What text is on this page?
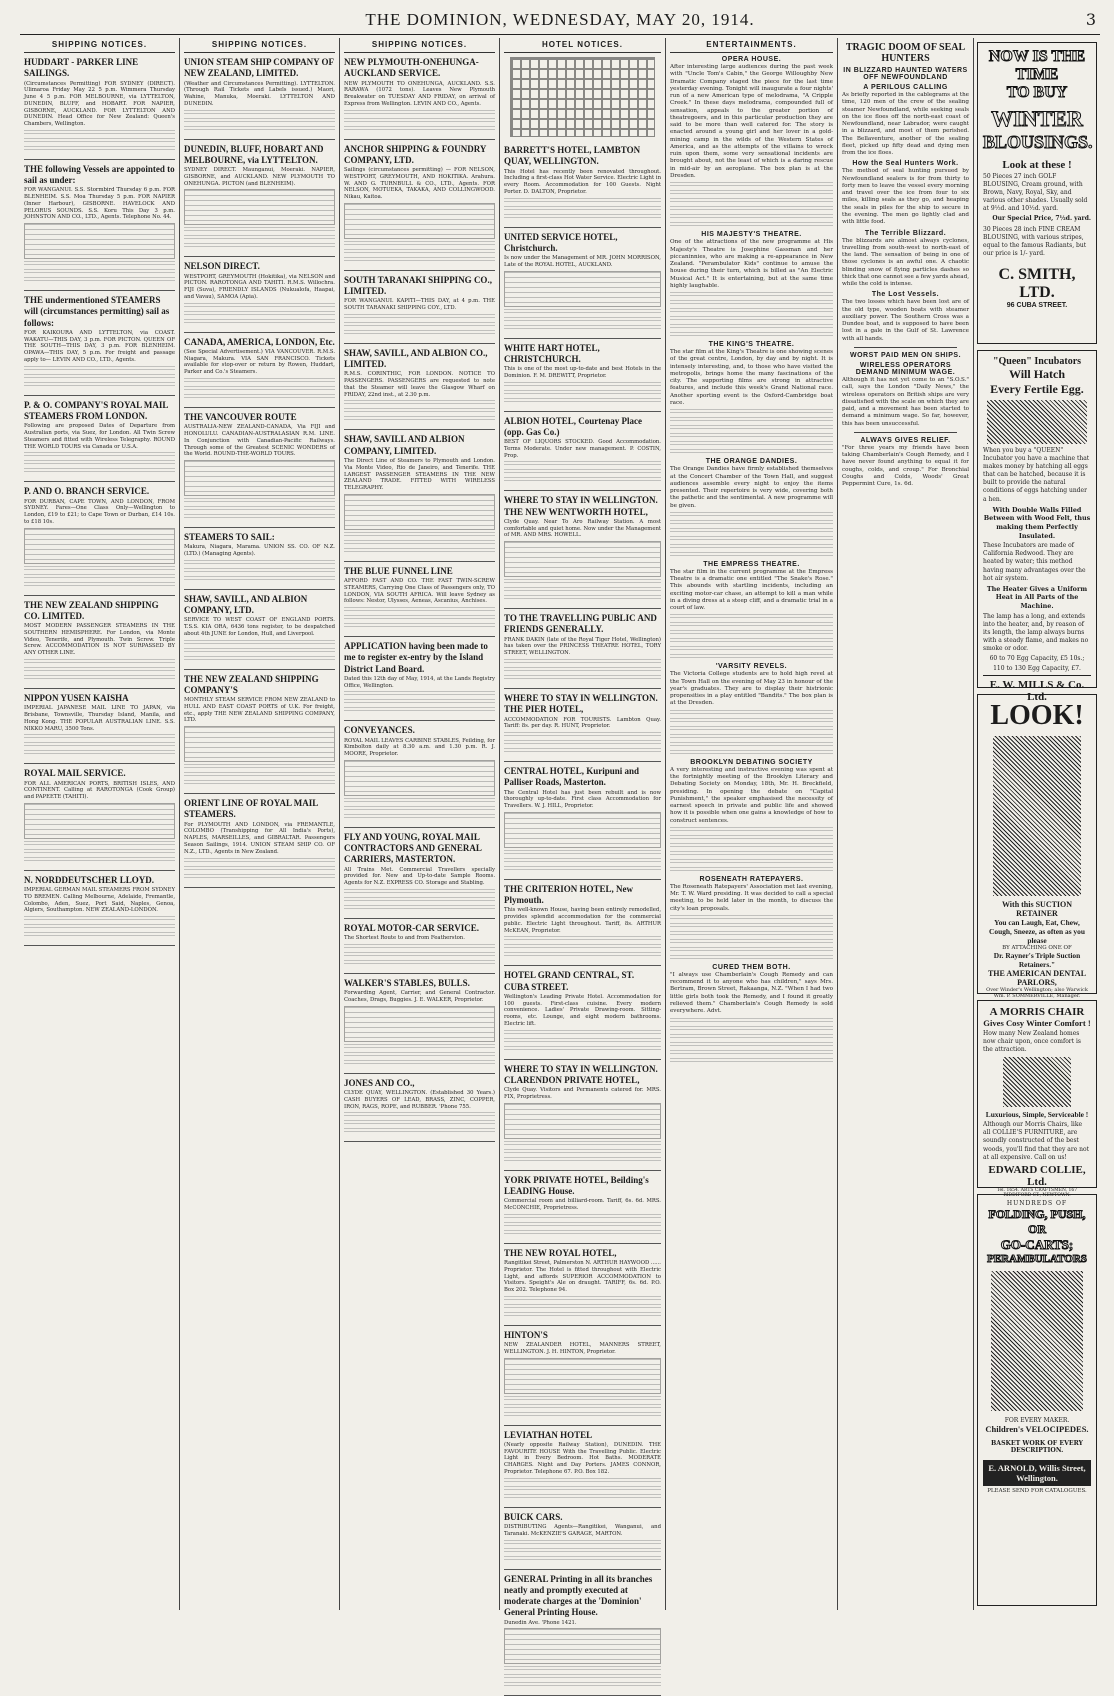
THE DOMINION, WEDNESDAY, MAY 20, 1914.	3
SHIPPING NOTICES.
HUDDART - PARKER LINE SAILINGS.

(Circumstances Permitting) FOR SYDNEY (DIRECT). Ulimaroa Friday May 22 5 p.m. Wimmera Thursday June 4 5 p.m. FOR MELBOURNE, via LYTTELTON, DUNEDIN, BLUFF, and HOBART. FOR NAPIER, GISBORNE, AUCKLAND. FOR LYTTELTON AND DUNEDIN. Head Office for New Zealand: Queen's Chambers, Wellington.

THE following Vessels are appointed to sail as under:

FOR WANGANUI. S.S. Stormbird Thursday 6 p.m. FOR BLENHEIM. S.S. Moa Thursday 5 p.m. FOR NAPIER (Inner Harbour), GISBORNE. HAVELOCK AND PELORUS SOUNDS. S.S. Koru This Day 3 p.m. JOHNSTON AND CO., LTD., Agents. Telephone No. 44.

THE undermentioned STEAMERS will (circumstances permitting) sail as follows:

FOR KAIKOURA AND LYTTELTON, via COAST. WAKATU—THIS DAY, 3 p.m. FOR PICTON. QUEEN OF THE SOUTH—THIS DAY, 3 p.m. FOR BLENHEIM. OPAWA—THIS DAY, 5 p.m. For freight and passage apply to— LEVIN AND CO., LTD., Agents.

P. & O. COMPANY'S ROYAL MAIL STEAMERS FROM LONDON.

Following are proposed Dates of Departure from Australian ports, via Suez, for London. All Twin Screw Steamers and fitted with Wireless Telegraphy. ROUND THE WORLD TOURS via Canada or U.S.A.

P. AND O. BRANCH SERVICE.

FOR DURBAN, CAPE TOWN, AND LONDON, FROM SYDNEY. Fares—One Class Only—Wellington to London, £19 to £21; to Cape Town or Durban, £14 10s. to £18 10s.

THE NEW ZEALAND SHIPPING CO. LIMITED.

MOST MODERN PASSENGER STEAMERS IN THE SOUTHERN HEMISPHERE. For London, via Monte Video, Tenerife, and Plymouth. Twin Screw. Triple Screw. ACCOMMODATION IS NOT SURPASSED BY ANY OTHER LINE.

NIPPON YUSEN KAISHA

IMPERIAL JAPANESE MAIL LINE TO JAPAN, via Brisbane, Townsville, Thursday Island, Manila, and Hong Kong. THE POPULAR AUSTRALIAN LINE. S.S. NIKKO MARU, 3500 Tons.

ROYAL MAIL SERVICE.

FOR ALL AMERICAN PORTS, BRITISH ISLES, AND CONTINENT. Calling at RAROTONGA (Cook Group) and PAPEETE (TAHITI).

N. NORDDEUTSCHER LLOYD.

IMPERIAL GERMAN MAIL STEAMERS FROM SYDNEY TO BREMEN. Calling Melbourne, Adelaide, Fremantle, Colombo, Aden, Suez, Port Said, Naples, Genoa, Algiers, Southampton. NEW ZEALAND-LONDON.

SHIPPING NOTICES.
UNION STEAM SHIP COMPANY OF NEW ZEALAND, LIMITED.

(Weather and Circumstances Permitting). LYTTELTON. (Through Rail Tickets and Labels issued.) Maori, Wahine, Manuka, Moeraki. LYTTELTON AND DUNEDIN.

DUNEDIN, BLUFF, HOBART AND MELBOURNE, via LYTTELTON.

SYDNEY DIRECT. Maunganui, Moeraki. NAPIER, GISBORNE, and AUCKLAND. NEW PLYMOUTH TO ONEHUNGA. PICTON (and BLENHEIM).

NELSON DIRECT.

WESTPORT, GREYMOUTH (Hokitika), via NELSON and PICTON. RAROTONGA AND TAHITI. R.M.S. Willochra. FIJI (Suva), FRIENDLY ISLANDS (Nukualofa, Haapai, and Vavau), SAMOA (Apia).

CANADA, AMERICA, LONDON, Etc.

(See Special Advertisement.) VIA VANCOUVER. R.M.S. Niagara, Makura. VIA SAN FRANCISCO. Tickets available for stop-over or return by Rowen, Huddart, Parker and Co.'s Steamers.

THE VANCOUVER ROUTE

AUSTRALIA-NEW ZEALAND-CANADA, Via FIJI and HONOLULU. CANADIAN-AUSTRALASIAN R.M. LINE. In Conjunction with Canadian-Pacific Railways. Through some of the Greatest SCENIC WONDERS of the World. ROUND-THE-WORLD TOURS.

STEAMERS TO SAIL:

Makura, Niagara, Marama. UNION SS. CO. OF N.Z. (LTD.) (Managing Agents).

SHAW, SAVILL, AND ALBION COMPANY, LTD.

SERVICE TO WEST COAST OF ENGLAND PORTS. T.S.S. KIA ORA, 6436 tons register, to be despatched about 4th JUNE for London, Hull, and Liverpool.

THE NEW ZEALAND SHIPPING COMPANY'S

MONTHLY STEAM SERVICE FROM NEW ZEALAND to HULL AND EAST COAST PORTS of U.K. For freight, etc., apply THE NEW ZEALAND SHIPPING COMPANY, LTD.

ORIENT LINE OF ROYAL MAIL STEAMERS.

For PLYMOUTH AND LONDON, via FREMANTLE, COLOMBO (Transhipping for All India's Ports), NAPLES, MARSEILLES, and GIBRALTAR. Passengers Season Sailings, 1914. UNION STEAM SHIP CO. OF N.Z., LTD., Agents in New Zealand.

SHIPPING NOTICES.
NEW PLYMOUTH-ONEHUNGA-AUCKLAND SERVICE.

NEW PLYMOUTH TO ONEHUNGA, AUCKLAND. S.S. RARAWA (1072 tons). Leaves New Plymouth Breakwater on TUESDAY AND FRIDAY, on arrival of Express from Wellington. LEVIN AND CO., Agents.

ANCHOR SHIPPING & FOUNDRY COMPANY, LTD.

Sailings (circumstances permitting) — FOR NELSON, WESTPORT, GREYMOUTH, AND HOKITIKA. Arahura. W. AND G. TURNBULL & CO., LTD., Agents. FOR NELSON, MOTUEKA, TAKAKA, AND COLLINGWOOD. Nikau, Kaitoa.

SOUTH TARANAKI SHIPPING CO., LIMITED.

FOR WANGANUI. KAPITI—THIS DAY, at 4 p.m. THE SOUTH TARANAKI SHIPPING COY., LTD.

SHAW, SAVILL, AND ALBION CO., LIMITED.

R.M.S. CORINTHIC, FOR LONDON. NOTICE TO PASSENGERS. PASSENGERS are requested to note that the Steamer will leave the Glasgow Wharf on FRIDAY, 22nd inst., at 2.30 p.m.

SHAW, SAVILL AND ALBION COMPANY, LIMITED.

The Direct Line of Steamers to Plymouth and London. Via Monte Video, Rio de Janeiro, and Tenerife. THE LARGEST PASSENGER STEAMERS IN THE NEW ZEALAND TRADE. FITTED WITH WIRELESS TELEGRAPHY.

THE BLUE FUNNEL LINE

AFFORD FAST AND CO. THE FAST TWIN-SCREW STEAMERS, Carrying One Class of Passengers only, TO LONDON, VIA SOUTH AFRICA. Will leave Sydney as follows: Nestor, Ulysses, Aeneas, Ascanius, Anchises.

APPLICATION having been made to me to register ex-entry by the Island District Land Board.

Dated this 12th day of May, 1914, at the Lands Registry Office, Wellington.

CONVEYANCES.

ROYAL MAIL LEAVES CARBINE STABLES, Feilding, for Kimbolton daily at 8.30 a.m. and 1.30 p.m. R. J. MOORE, Proprietor.

FLY AND YOUNG, ROYAL MAIL CONTRACTORS AND GENERAL CARRIERS, MASTERTON.

All Trains Met. Commercial Travellers specially provided for. New and Up-to-date Sample Rooms. Agents for N.Z. EXPRESS CO. Storage and Stabling.

ROYAL MOTOR-CAR SERVICE.

The Shortest Route to and from Featherston.

WALKER'S STABLES, BULLS.

Forwarding Agent, Carrier, and General Contractor. Coaches, Drags, Buggies. J. E. WALKER, Proprietor.

JONES AND CO.,

CLYDE QUAY, WELLINGTON. (Established 30 Years.) CASH BUYERS OF LEAD, BRASS, ZINC, COPPER, IRON, RAGS, ROPE, and RUBBER. 'Phone 755.

HOTEL NOTICES.
BARRETT'S HOTEL, LAMBTON QUAY, WELLINGTON.

This Hotel has recently been renovated throughout. Including a first-class Hot Water Service. Electric Light in every Room. Accommodation for 100 Guests. Night Porter. D. DALTON, Proprietor.

UNITED SERVICE HOTEL, Christchurch.

Is now under the Management of MR. JOHN MORRISON, Late of the ROYAL HOTEL, AUCKLAND.

WHITE HART HOTEL, CHRISTCHURCH.

This is one of the most up-to-date and best Hotels in the Dominion. F. M. DREWITT, Proprietor.

ALBION HOTEL, Courtenay Place (opp. Gas Co.)

BEST OF LIQUORS STOCKED. Good Accommodation. Terms Moderate. Under new management. P. COSTIN, Prop.

WHERE TO STAY IN WELLINGTON. THE NEW WENTWORTH HOTEL,

Clyde Quay. Near To Aro Railway Station. A most comfortable and quiet home. Now under the Management of MR. AND MRS. HOWELL.

TO THE TRAVELLING PUBLIC AND FRIENDS GENERALLY.

FRANK DAKIN (late of the Royal Tiger Hotel, Wellington) has taken over the PRINCESS THEATRE HOTEL, TORY STREET, WELLINGTON.

WHERE TO STAY IN WELLINGTON. THE PIER HOTEL,

ACCOMMODATION FOR TOURISTS. Lambton Quay. Tariff: 8s. per day. R. HUNT, Proprietor.

CENTRAL HOTEL, Kuripuni and Palliser Roads, Masterton.

The Central Hotel has just been rebuilt and is now thoroughly up-to-date. First class Accommodation for Travellers. W. J. HILL, Proprietor.

THE CRITERION HOTEL, New Plymouth.

This well-known House, having been entirely remodelled, provides splendid accommodation for the commercial public. Electric Light throughout. Tariff, 8s. ARTHUR McKEAN, Proprietor.

HOTEL GRAND CENTRAL, ST. CUBA STREET.

Wellington's Leading Private Hotel. Accommodation for 100 guests. First-class cuisine. Every modern convenience. Ladies' Private Drawing-room. Sitting-rooms, etc. Lounge, and eight modern bathrooms. Electric lift.

WHERE TO STAY IN WELLINGTON. CLARENDON PRIVATE HOTEL,

Clyde Quay. Visitors and Permanents catered for. MRS. FIX, Proprietress.

YORK PRIVATE HOTEL, Beilding's LEADING House.

Commercial room and billiard-room. Tariff, 6s. 6d. MRS. McCONCHIE, Proprietress.

THE NEW ROYAL HOTEL,

Rangitikei Street, Palmerston N. ARTHUR HAYWOOD ...... Proprietor. The Hotel is fitted throughout with Electric Light, and affords SUPERIOR ACCOMMODATION to Visitors. Speight's Ale on draught. TARIFF, 6s. 6d. P.O. Box 202. Telephone 94.

HINTON'S

NEW ZEALANDER HOTEL, MANNERS STREET, WELLINGTON. J. H. HINTON, Proprietor.

LEVIATHAN HOTEL

(Nearly opposite Railway Station), DUNEDIN. THE FAVOURITE HOUSE With the Travelling Public. Electric Light in Every Bedroom. Hot Baths. MODERATE CHARGES. Night and Day Porters. JAMES CONNOR, Proprietor. Telephone 67. P.O. Box 182.

BUICK CARS.

DISTRIBUTING Agents—Rangitikei, Wanganui, and Taranaki. McKENZIE'S GARAGE, MARTON.

GENERAL Printing in all its branches neatly and promptly executed at moderate charges at the 'Dominion' General Printing House.

Dunedin Ave. 'Phone 1421.

ENTERTAINMENTS.
OPERA HOUSE.

After interesting large audiences during the past week with "Uncle Tom's Cabin," the George Willoughby New Dramatic Company staged the piece for the last time yesterday evening. Tonight will inaugurate a four nights' run of a new American type of melodrama, "A Cripple Creek." In these days melodrama, compounded full of sensation, appeals to the greater portion of theatregoers, and in this particular production they are said to be more than well catered for. The story is enacted around a young girl and her lover in a gold-mining camp in the wilds of the Western States of America, and as the attempts of the villains to wreck ruin upon them, some very sensational incidents are brought about, not the least of which is a daring rescue in mid-air by an aeroplane. The box plan is at the Dresden.

HIS MAJESTY'S THEATRE.

One of the attractions of the new programme at His Majesty's Theatre is Josephine Gassman and her piccaninnies, who are making a re-appearance in New Zealand. "Perambulator Kids" continue to amuse the house during their turn, which is billed as "An Electric Musical Act." It is entertaining, but at the same time highly laughable.

THE KING'S THEATRE.

The star film at the King's Theatre is one showing scenes of the great centre, London, by day and by night. It is intensely interesting, and, to those who have visited the metropolis, brings home the many fascinations of the city. The supporting films are strong in attractive features, and include this week's Grand National race. Another sporting event is the Oxford-Cambridge boat race.

THE ORANGE DANDIES.

The Orange Dandies have firmly established themselves at the Concert Chamber of the Town Hall, and suggest audiences assemble every night to enjoy the items presented. Their repertoire is very wide, covering both the pathetic and the sentimental. A new programme will be given.

THE EMPRESS THEATRE.

The star film in the current programme at the Empress Theatre is a dramatic one entitled "The Snake's Rose." This abounds with startling incidents, including an exciting motor-car chase, an attempt to kill a man while in a diving dress at a steep cliff, and a dramatic trial in a court of law.

'VARSITY REVELS.

The Victoria College students are to hold high revel at the Town Hall on the evening of May 23 in honour of the year's graduates. They are to display their histrionic propensities in a play entitled "Bandits." The box plan is at the Dresden.

BROOKLYN DEBATING SOCIETY

A very interesting and instructive evening was spent at the fortnightly meeting of the Brooklyn Literary and Debating Society on Monday, 18th, Mr. H. Breckfield, presiding. In opening the debate on "Capital Punishment," the speaker emphasised the necessity of earnest speech in private and public life and showed how it is possible when one gains a knowledge of how to construct sentences.

ROSENEATH RATEPAYERS.

The Roseneath Ratepayers' Association met last evening, Mr. T. W. Ward presiding. It was decided to call a special meeting, to be held later in the month, to discuss the city's loan proposals.

CURED THEM BOTH.

"I always use Chamberlain's Cough Remedy and can recommend it to anyone who has children," says Mrs. Bertram, Brown Street, Rakaanga, N.Z. "When I had two little girls both took the Remedy, and I found it greatly relieved them." Chamberlain's Cough Remedy is sold everywhere. Advt.

TRAGIC DOOM OF SEAL HUNTERS
IN BLIZZARD HAUNTED WATERS OFF NEWFOUNDLAND
A PERILOUS CALLING

As briefly reported in the cablegrams at the time, 120 men of the crew of the sealing steamer Newfoundland, while seeking seals on the ice floes off the north-east coast of Newfoundland, near Labrador, were caught in a blizzard, and most of them perished. The Bellaventure, another of the sealing fleet, picked up fifty dead and dying men from the ice floes.

How the Seal Hunters Work.

The method of seal hunting pursued by Newfoundland sealers is for from thirty to forty men to leave the vessel every morning and travel over the ice from four to six miles, killing seals as they go, and heaping the seals in piles for the ship to secure in the evening. The men go lightly clad and with little food.

The Terrible Blizzard.

The blizzards are almost always cyclones, travelling from south-west to north-east of the land. The sensation of being in one of those cyclones is an awful one. A chaotic blinding snow of flying particles dashes so thick that one cannot see a few yards ahead, while the cold is intense.

The Lost Vessels.

The two losses which have been lost are of the old type, wooden boats with steamer auxiliary power. The Southern Cross was a Dundee boat, and is supposed to have been lost in a gale in the Gulf of St. Lawrence with all hands.

WORST PAID MEN ON SHIPS.
WIRELESS OPERATORS DEMAND MINIMUM WAGE.

Although it has not yet come to an "S.O.S." call, says the London "Daily News," the wireless operators on British ships are very dissatisfied with the scale on which they are paid, and a movement has been started to demand a minimum wage. So far, however, this has been unsuccessful.

ALWAYS GIVES RELIEF.

"For three years my friends have been taking Chamberlain's Cough Remedy, and I have never found anything to equal it for coughs, colds, and croup." For Bronchial Coughs and Colds, Woods' Great Peppermint Cure, 1s. 6d.

NOW IS THE TIME
TO BUY
WINTER
BLOUSINGS.
Look at these !

50 Pieces 27 inch GOLF BLOUSING, Cream ground, with Brown, Navy, Royal, Sky, and various other shades. Usually sold at 9½d. and 10½d. yard.

Our Special Price, 7½d. yard.

30 Pieces 28 inch FINE CREAM BLOUSING, with various stripes, equal to the famous Radiants, but our price is 1/- yard.

C. SMITH, LTD.
96 CUBA STREET.
"Queen" Incubators
Will Hatch
Every Fertile Egg.

When you buy a "QUEEN" Incubator you have a machine that makes money by hatching all eggs that can be hatched, because it is built to provide the natural conditions of eggs hatching under a hen.

With Double Walls Filled Between with Wood Felt, thus making them Perfectly Insulated.

These Incubators are made of California Redwood. They are heated by water; this method having many advantages over the hot air system.

The Heater Gives a Uniform Heat in All Parts of the Machine.

The lamp has a long, and extends into the heater, and, by reason of its length, the lamp always burns with a steady flame, and makes no smoke or odor.

60 to 70 Egg Capacity, £5 10s.;

110 to 130 Egg Capacity, £7.

E. W. MILLS & Co. Ltd.
LOOK!
With this SUCTION RETAINER
You can Laugh, Eat, Chew, Cough, Sneeze, as often as you please
BY ATTACHING ONE OF
Dr. Rayner's Triple Suction Retainers."
THE AMERICAN DENTAL PARLORS,
Over Winder's Wellington; also Warwick Wm. P. SOMMERVILLE, Manager.
A MORRIS CHAIR
Gives Cosy Winter Comfort !

How many New Zealand homes now chair upon, once comfort is the attraction.

Luxurious, Simple, Serviceable !

Although our Morris Chairs, like all COLLIE'S FURNITURE, are soundly constructed of the best woods, you'll find that they are not at all expensive. Call on us!

EDWARD COLLIE, Ltd.
Tel. 1654. ARTS CRAFTSMEN, 167 RIDDIFORD ST., NEWTOWN.
HUNDREDS OF
FOLDING, PUSH, OR
GO-CARTS;
PERAMBULATORS
FOR EVERY MAKER.
Children's VELOCIPEDES.
BASKET WORK OF EVERY DESCRIPTION.
E. ARNOLD, Willis Street, Wellington.
PLEASE SEND FOR CATALOGUES.
